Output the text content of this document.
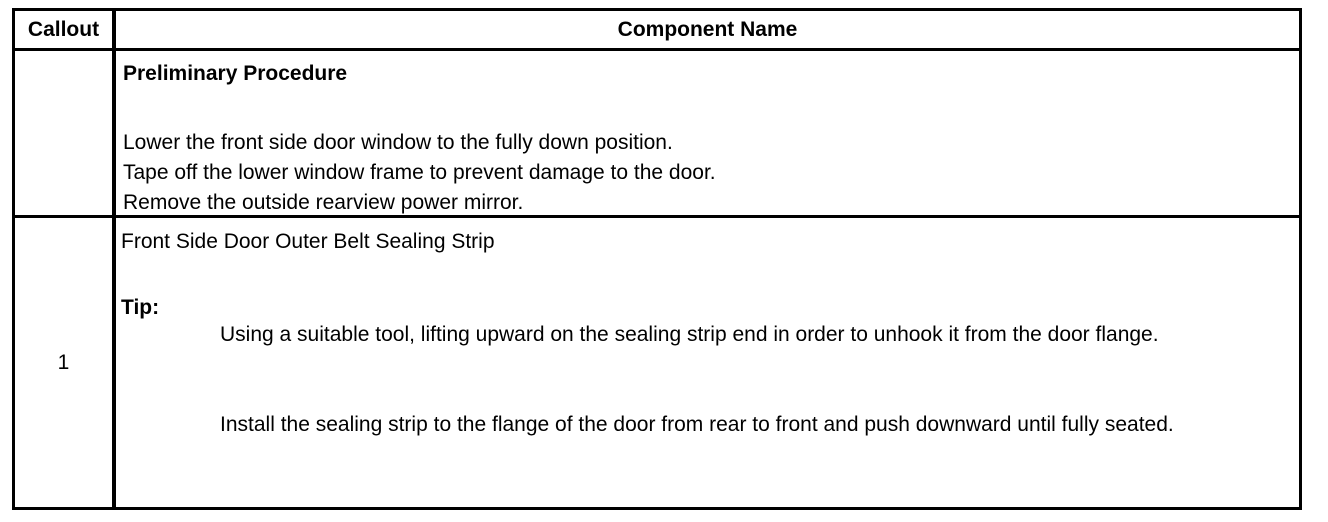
Callout	Component Name
Preliminary Procedure
Lower the front side door window to the fully down position.
Tape off the lower window frame to prevent damage to the door.
Remove the outside rearview power mirror.
1
Front Side Door Outer Belt Sealing Strip
Tip:
Using a suitable tool, lifting upward on the sealing strip end in order to unhook it from the door flange.
Install the sealing strip to the flange of the door from rear to front and push downward until fully seated.
